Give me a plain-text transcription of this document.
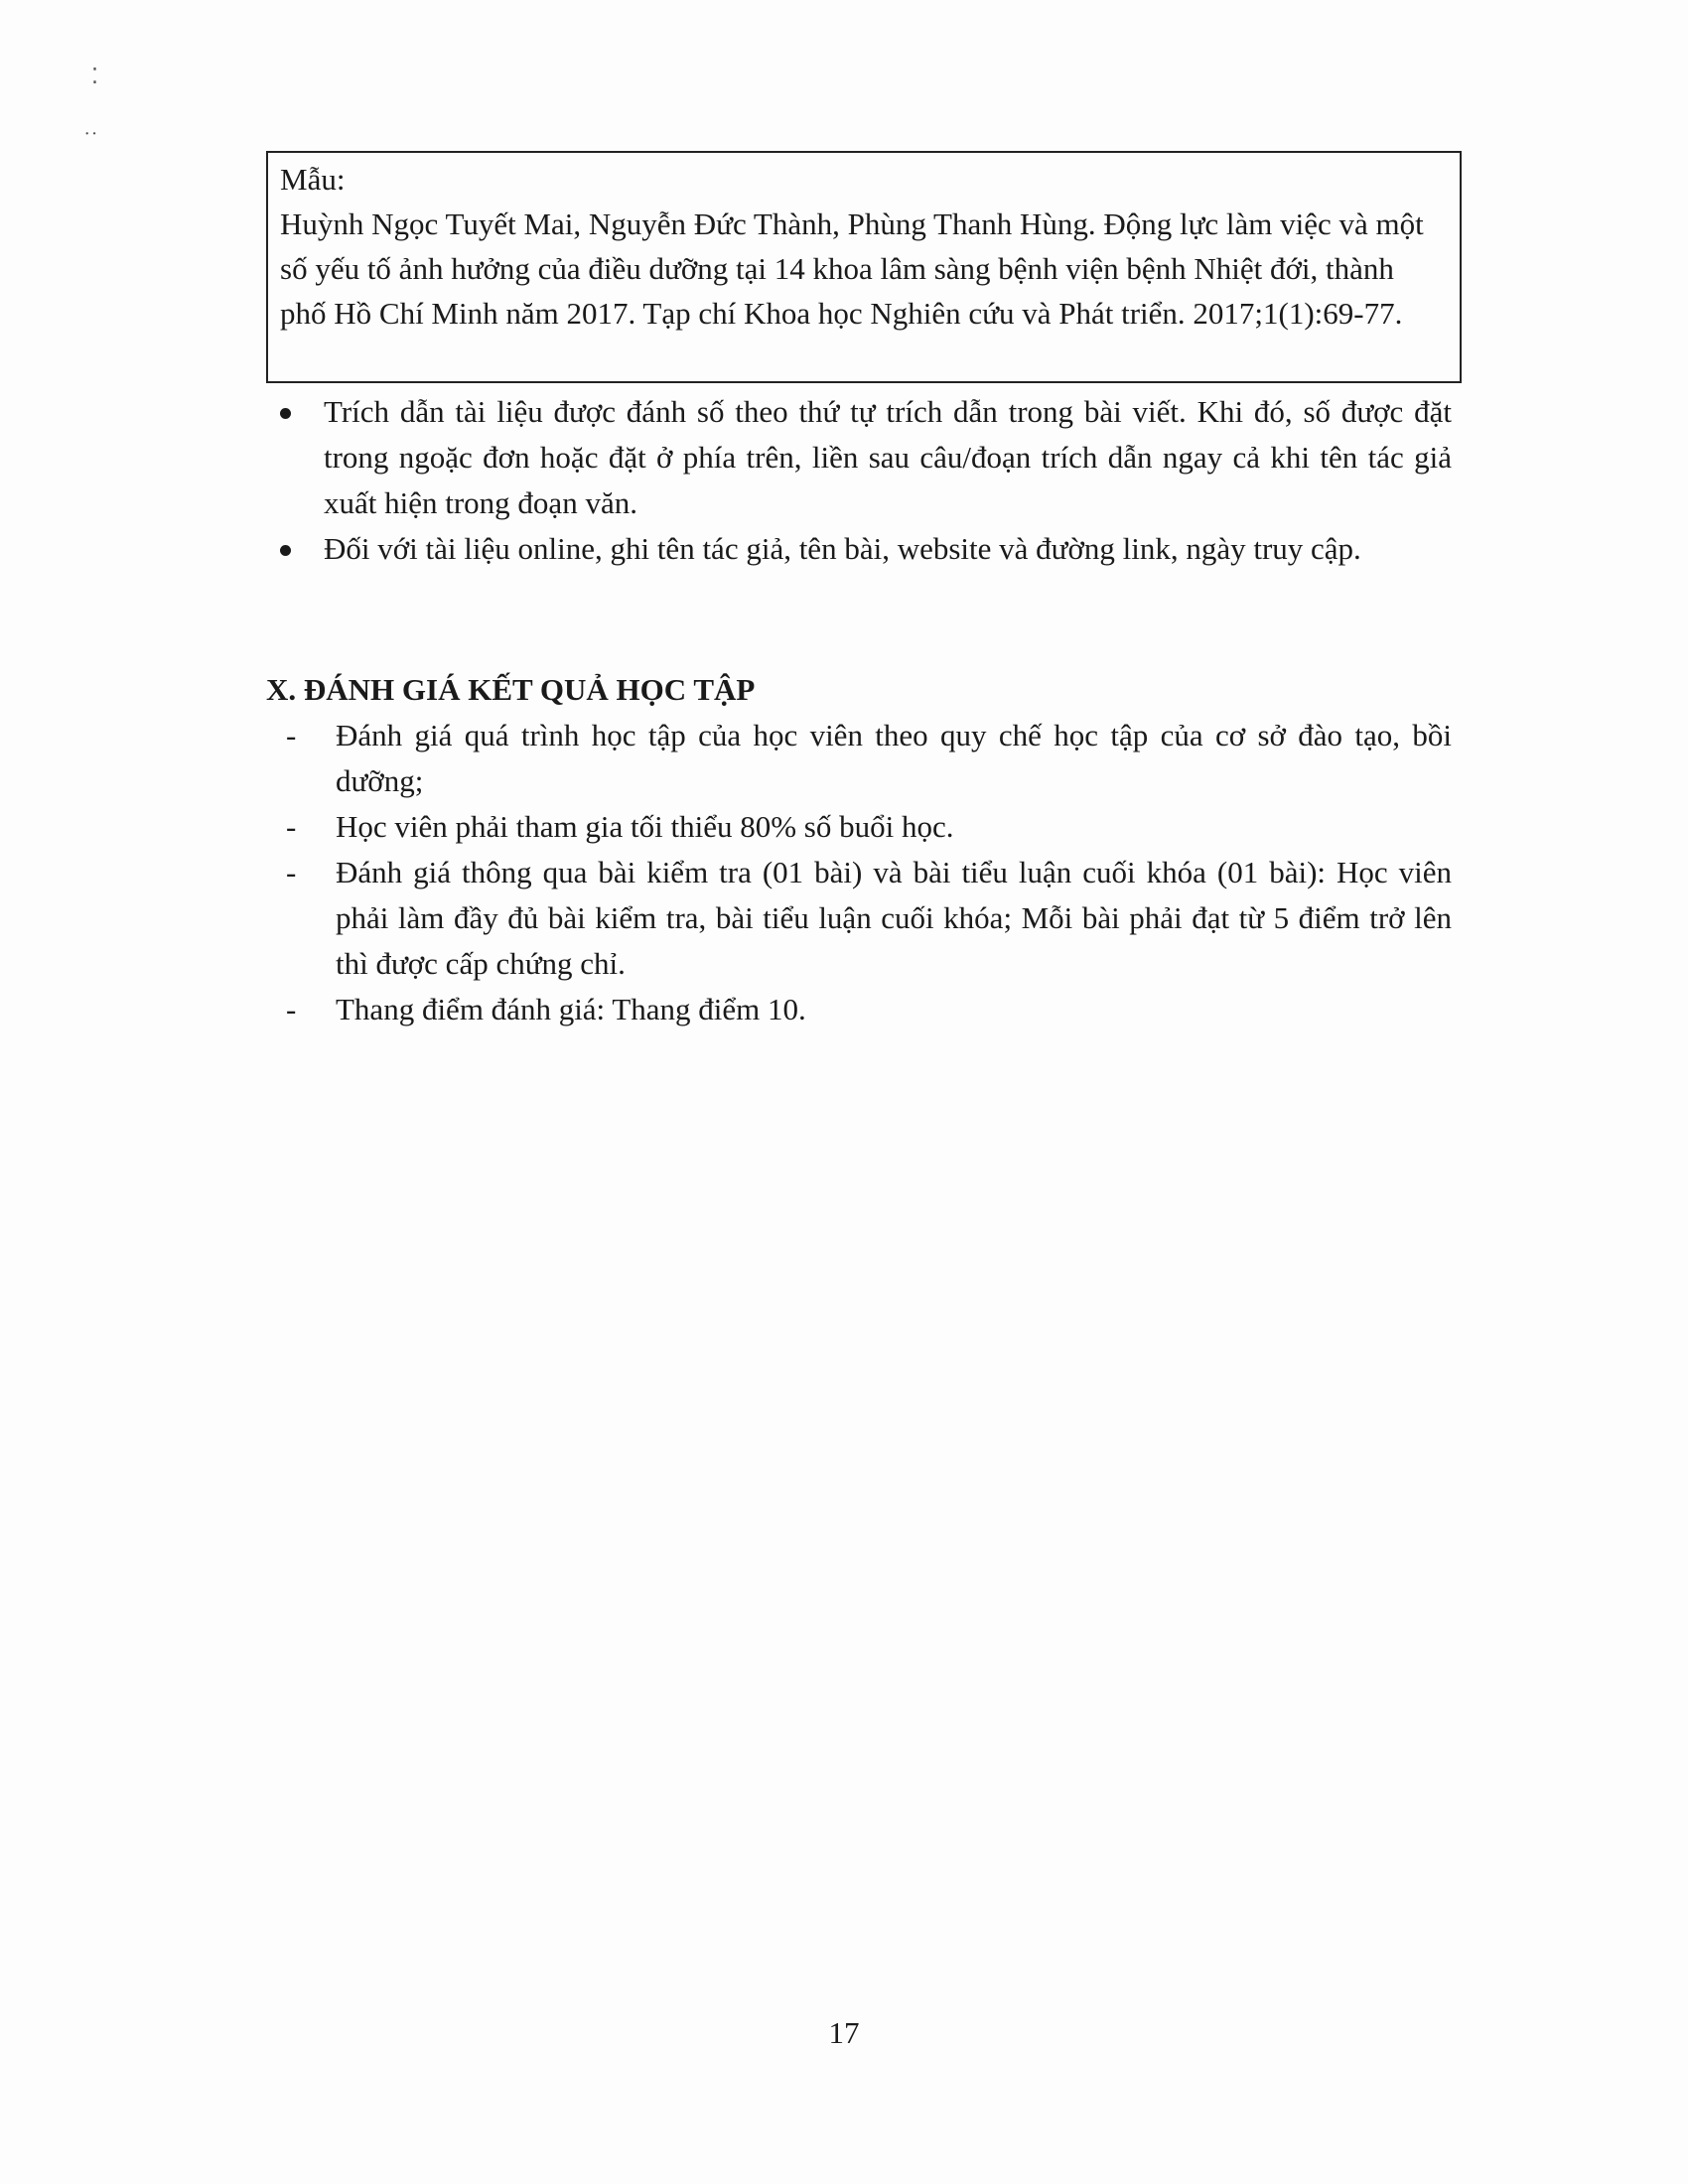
⁚
˙˙

Mẫu:

Huỳnh Ngọc Tuyết Mai, Nguyễn Đức Thành, Phùng Thanh Hùng. Động lực làm việc và một số yếu tố ảnh hưởng của điều dưỡng tại 14 khoa lâm sàng bệnh viện bệnh Nhiệt đới, thành phố Hồ Chí Minh năm 2017. Tạp chí Khoa học Nghiên cứu và Phát triển. 2017;1(1):69-77.

Trích dẫn tài liệu được đánh số theo thứ tự trích dẫn trong bài viết. Khi đó, số được đặt trong ngoặc đơn hoặc đặt ở phía trên, liền sau câu/đoạn trích dẫn ngay cả khi tên tác giả xuất hiện trong đoạn văn.
Đối với tài liệu online, ghi tên tác giả, tên bài, website và đường link, ngày truy cập.
X. ĐÁNH GIÁ KẾT QUẢ HỌC TẬP
- Đánh giá quá trình học tập của học viên theo quy chế học tập của cơ sở đào tạo, bồi dưỡng;
- Học viên phải tham gia tối thiểu 80% số buổi học.
- Đánh giá thông qua bài kiểm tra (01 bài) và bài tiểu luận cuối khóa (01 bài): Học viên phải làm đầy đủ bài kiểm tra, bài tiểu luận cuối khóa; Mỗi bài phải đạt từ 5 điểm trở lên thì được cấp chứng chỉ.
- Thang điểm đánh giá: Thang điểm 10.
17
